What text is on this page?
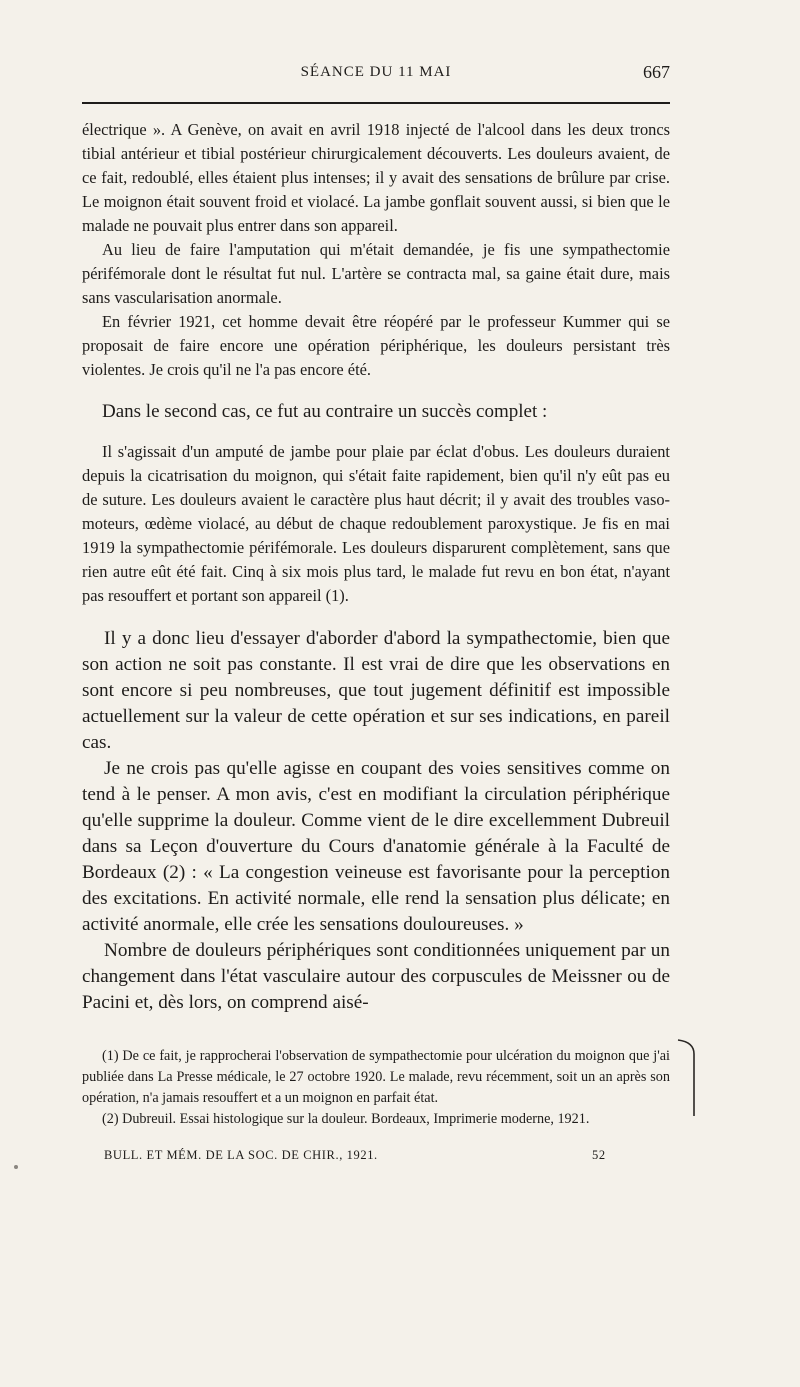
SÉANCE DU 11 MAI	667

électrique ». A Genève, on avait en avril 1918 injecté de l'alcool dans les deux troncs tibial antérieur et tibial postérieur chirurgicalement découverts. Les douleurs avaient, de ce fait, redoublé, elles étaient plus intenses; il y avait des sensations de brûlure par crise. Le moignon était souvent froid et violacé. La jambe gonflait souvent aussi, si bien que le malade ne pouvait plus entrer dans son appareil.

Au lieu de faire l'amputation qui m'était demandée, je fis une sympathectomie périfémorale dont le résultat fut nul. L'artère se contracta mal, sa gaine était dure, mais sans vascularisation anormale.

En février 1921, cet homme devait être réopéré par le professeur Kummer qui se proposait de faire encore une opération périphérique, les douleurs persistant très violentes. Je crois qu'il ne l'a pas encore été.

Dans le second cas, ce fut au contraire un succès complet :

Il s'agissait d'un amputé de jambe pour plaie par éclat d'obus. Les douleurs duraient depuis la cicatrisation du moignon, qui s'était faite rapidement, bien qu'il n'y eût pas eu de suture. Les douleurs avaient le caractère plus haut décrit; il y avait des troubles vaso-moteurs, œdème violacé, au début de chaque redoublement paroxystique. Je fis en mai 1919 la sympathectomie périfémorale. Les douleurs disparurent complètement, sans que rien autre eût été fait. Cinq à six mois plus tard, le malade fut revu en bon état, n'ayant pas resouffert et portant son appareil (1).

Il y a donc lieu d'essayer d'aborder d'abord la sympathectomie, bien que son action ne soit pas constante. Il est vrai de dire que les observations en sont encore si peu nombreuses, que tout jugement définitif est impossible actuellement sur la valeur de cette opération et sur ses indications, en pareil cas.

Je ne crois pas qu'elle agisse en coupant des voies sensitives comme on tend à le penser. A mon avis, c'est en modifiant la circulation périphérique qu'elle supprime la douleur. Comme vient de le dire excellemment Dubreuil dans sa Leçon d'ouverture du Cours d'anatomie générale à la Faculté de Bordeaux (2) : « La congestion veineuse est favorisante pour la perception des excitations. En activité normale, elle rend la sensation plus délicate; en activité anormale, elle crée les sensations douloureuses. »

Nombre de douleurs périphériques sont conditionnées uniquement par un changement dans l'état vasculaire autour des corpuscules de Meissner ou de Pacini et, dès lors, on comprend aisé-

(1) De ce fait, je rapprocherai l'observation de sympathectomie pour ulcération du moignon que j'ai publiée dans La Presse médicale, le 27 octobre 1920. Le malade, revu récemment, soit un an après son opération, n'a jamais resouffert et a un moignon en parfait état.

(2) Dubreuil. Essai histologique sur la douleur. Bordeaux, Imprimerie moderne, 1921.

BULL. ET MÉM. DE LA SOC. DE CHIR., 1921.	52
